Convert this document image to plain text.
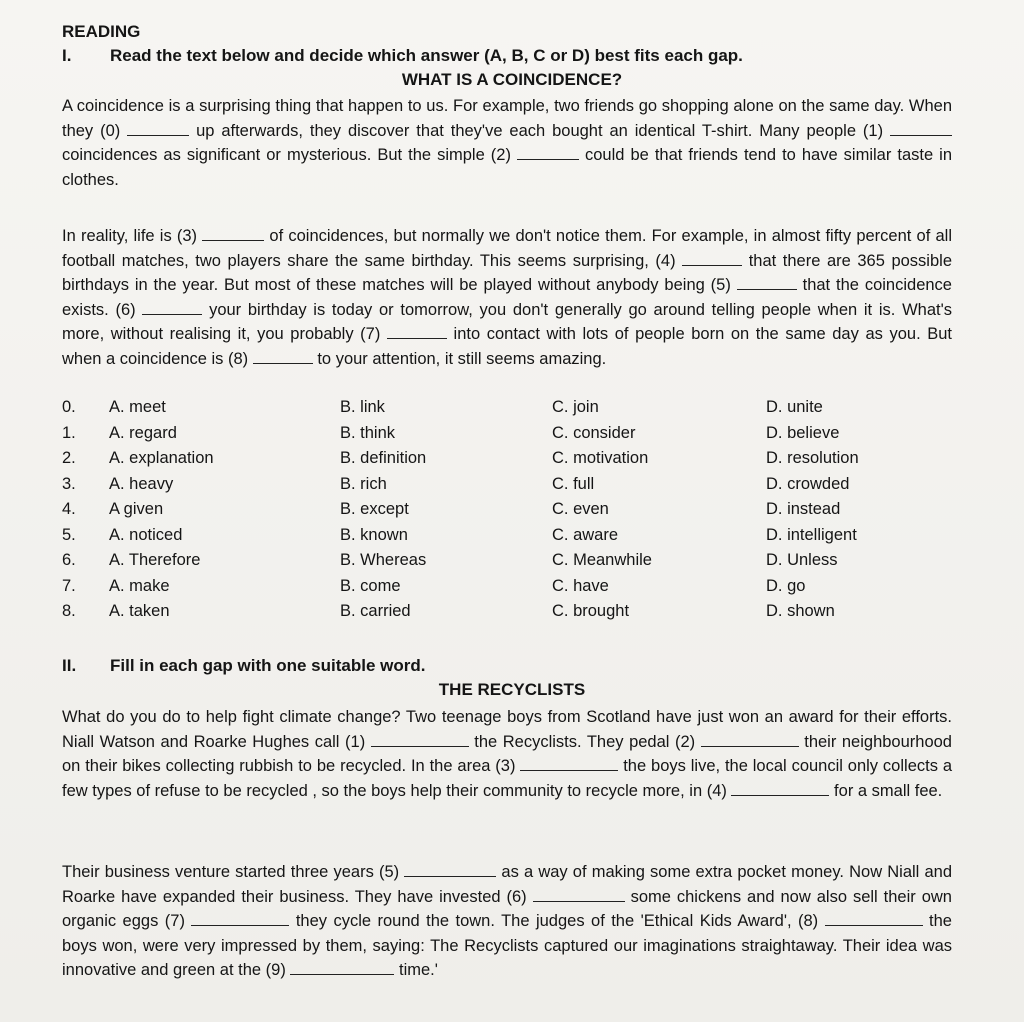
READING
I. Read the text below and decide which answer (A, B, C or D) best fits each gap.
WHAT IS A COINCIDENCE?
A coincidence is a surprising thing that happen to us. For example, two friends go shopping alone on the same day. When they (0)	up afterwards, they discover that they've each bought an identical T-shirt. Many people (1)  coincidences as significant or mysterious. But the simple (2)	could be that friends tend to have similar taste in clothes.
In reality, life is (3)	of coincidences, but normally we don't notice them. For example, in almost fifty percent of all football matches, two players share the same birthday. This seems surprising, (4)	that there are 365 possible birthdays in the year. But most of these matches will be played without anybody being (5)	that the coincidence exists. (6)	your birthday is today or tomorrow, you don't generally go around telling people when it is. What's more, without realising it, you probably (7)	into contact with lots of people born on the same day as you. But when a coincidence is (8)	to your attention, it still seems amazing.
0. A. meet	B. link	C. join	D. unite
1. A. regard	B. think	C. consider	D. believe
2. A. explanation	B. definition	C. motivation	D. resolution
3. A. heavy	B. rich	C. full	D. crowded
4. A given	B. except	C. even	D. instead
5. A. noticed	B. known	C. aware	D. intelligent
6. A. Therefore	B. Whereas	C. Meanwhile	D. Unless
7. A. make	B. come	C. have	D. go
8. A. taken	B. carried	C. brought	D. shown
II. Fill in each gap with one suitable word.
THE RECYCLISTS
What do you do to help fight climate change? Two teenage boys from Scotland have just won an award for their efforts. Niall Watson and Roarke Hughes call (1)	the Recyclists. They pedal (2)	their neighbourhood on their bikes collecting rubbish to be recycled. In the area (3)	the boys live, the local council only collects a few types of refuse to be recycled , so the boys help their community to recycle more, in (4)	for a small fee.
Their business venture started three years (5)	as a way of making some extra pocket money. Now Niall and Roarke have expanded their business. They have invested (6)	some chickens and now also sell their own organic eggs (7)	they cycle round the town. The judges of the 'Ethical Kids Award', (8)	the boys won, were very impressed by them, saying: The Recyclists captured our imaginations straightaway. Their idea was innovative and green at the (9)	time.'
